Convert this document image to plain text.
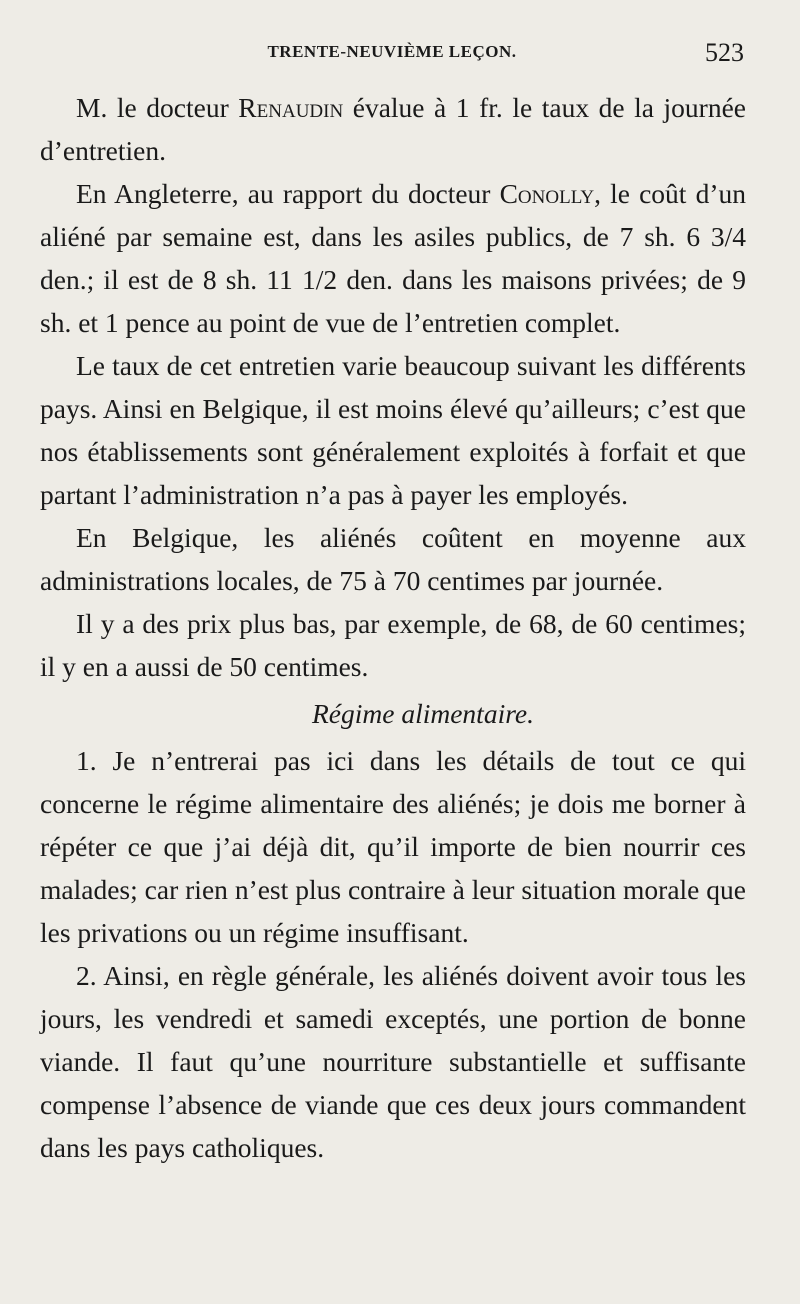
TRENTE-NEUVIÈME LEÇON.	523

M. le docteur Renaudin évalue à 1 fr. le taux de la journée d’entretien.

En Angleterre, au rapport du docteur Conolly, le coût d’un aliéné par semaine est, dans les asiles publics, de 7 sh. 6 3/4 den.; il est de 8 sh. 11 1/2 den. dans les maisons privées; de 9 sh. et 1 pence au point de vue de l’entretien complet.

Le taux de cet entretien varie beaucoup suivant les différents pays. Ainsi en Belgique, il est moins élevé qu’ailleurs; c’est que nos établissements sont généralement exploités à forfait et que partant l’administration n’a pas à payer les employés.

En Belgique, les aliénés coûtent en moyenne aux administrations locales, de 75 à 70 centimes par journée.

Il y a des prix plus bas, par exemple, de 68, de 60 centimes; il y en a aussi de 50 centimes.

Régime alimentaire.

1. Je n’entrerai pas ici dans les détails de tout ce qui concerne le régime alimentaire des aliénés; je dois me borner à répéter ce que j’ai déjà dit, qu’il importe de bien nourrir ces malades; car rien n’est plus contraire à leur situation morale que les privations ou un régime insuffisant.

2. Ainsi, en règle générale, les aliénés doivent avoir tous les jours, les vendredi et samedi exceptés, une portion de bonne viande. Il faut qu’une nourriture substantielle et suffisante compense l’absence de viande que ces deux jours commandent dans les pays catholiques.
